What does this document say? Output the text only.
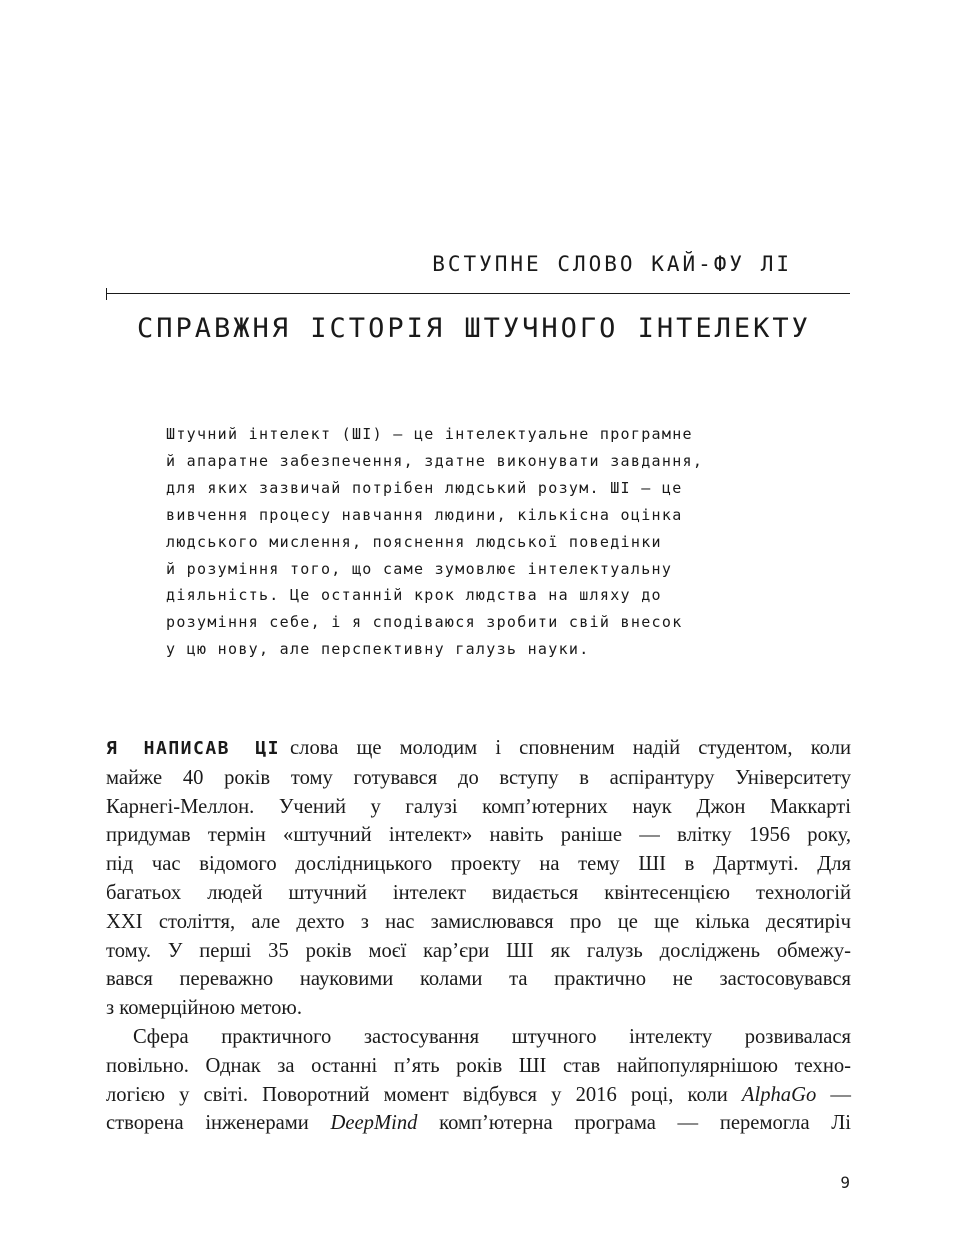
ВСТУПНЕ СЛОВО КАЙ-ФУ ЛІ
СПРАВЖНЯ ІСТОРІЯ ШТУЧНОГО ІНТЕЛЕКТУ
Штучний інтелект (ШІ) — це інтелектуальне програмне
й апаратне забезпечення, здатне виконувати завдання,
для яких зазвичай потрібен людський розум. ШІ — це
вивчення процесу навчання людини, кількісна оцінка
людського мислення, пояснення людської поведінки
й розуміння того, що саме зумовлює інтелектуальну
діяльність. Це останній крок людства на шляху до
розуміння себе, і я сподіваюся зробити свій внесок
у цю нову, але перспективну галузь науки.
Я НАПИСАВ ЦІ слова ще молодим і сповненим надій студентом, коли
майже 40 років тому готувався до вступу в аспірантуру Університету
Карнегі-Меллон. Учений у галузі комп’ютерних наук Джон Маккарті
придумав термін «штучний інтелект» навіть раніше — влітку 1956 року,
під час відомого дослідницького проекту на тему ШІ в Дартмуті. Для
багатьох людей штучний інтелект видається квінтесенцією технологій
XXI століття, але дехто з нас замислювався про це ще кілька десятиріч
тому. У перші 35 років моєї кар’єри ШІ як галузь досліджень обмежу-
вався переважно науковими колами та практично не застосовувався
з комерційною метою.
Сфера практичного застосування штучного інтелекту розвивалася
повільно. Однак за останні п’ять років ШІ став найпопулярнішою техно-
логією у світі. Поворотний момент відбувся у 2016 році, коли AlphaGo —
створена інженерами DeepMind комп’ютерна програма — перемогла Лі
9
